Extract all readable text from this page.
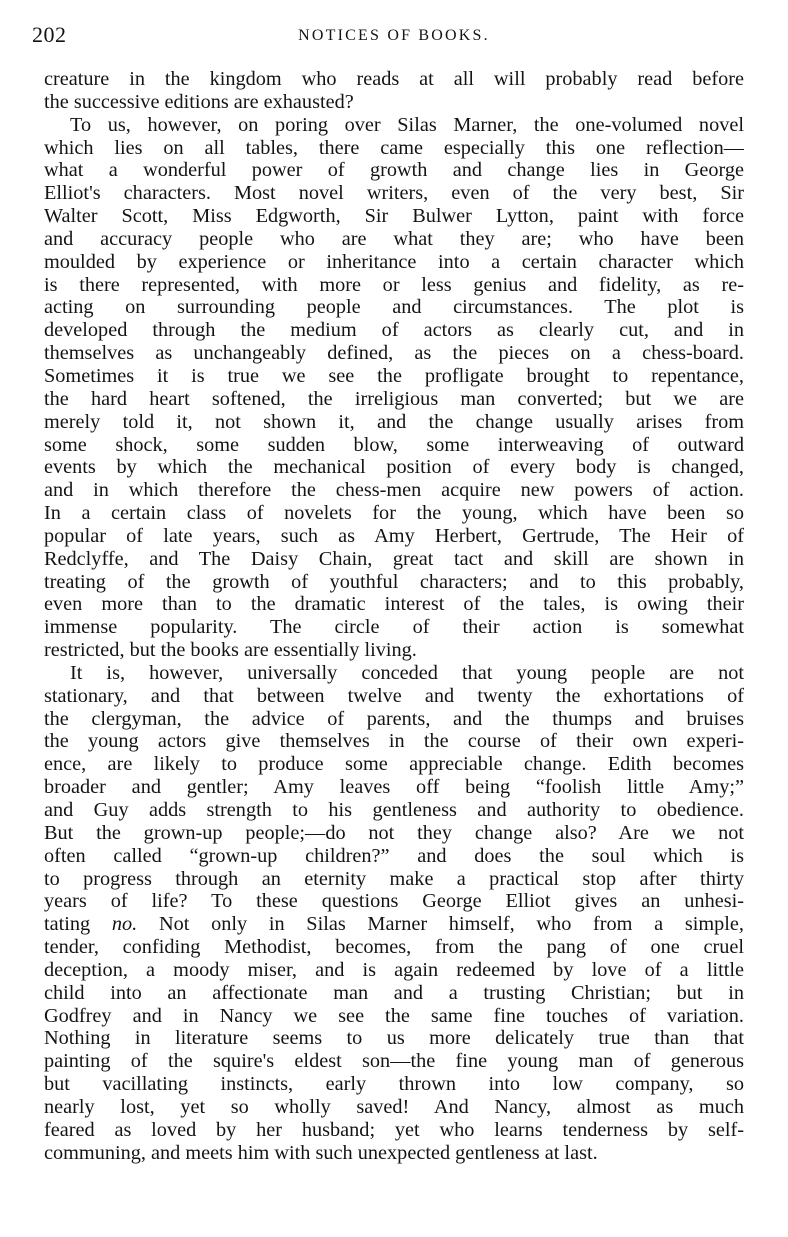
202	NOTICES OF BOOKS.
creature in the kingdom who reads at all will probably read before
the successive editions are exhausted?
To us, however, on poring over Silas Marner, the one-volumed novel
which lies on all tables, there came especially this one reflection—
what a wonderful power of growth and change lies in George
Elliot's characters. Most novel writers, even of the very best, Sir
Walter Scott, Miss Edgworth, Sir Bulwer Lytton, paint with force
and accuracy people who are what they are; who have been
moulded by experience or inheritance into a certain character which
is there represented, with more or less genius and fidelity, as re-
acting on surrounding people and circumstances. The plot is
developed through the medium of actors as clearly cut, and in
themselves as unchangeably defined, as the pieces on a chess-board.
Sometimes it is true we see the profligate brought to repentance,
the hard heart softened, the irreligious man converted; but we are
merely told it, not shown it, and the change usually arises from
some shock, some sudden blow, some interweaving of outward
events by which the mechanical position of every body is changed,
and in which therefore the chess-men acquire new powers of action.
In a certain class of novelets for the young, which have been so
popular of late years, such as Amy Herbert, Gertrude, The Heir of
Redclyffe, and The Daisy Chain, great tact and skill are shown in
treating of the growth of youthful characters; and to this probably,
even more than to the dramatic interest of the tales, is owing their
immense popularity. The circle of their action is somewhat
restricted, but the books are essentially living.
It is, however, universally conceded that young people are not
stationary, and that between twelve and twenty the exhortations of
the clergyman, the advice of parents, and the thumps and bruises
the young actors give themselves in the course of their own experi-
ence, are likely to produce some appreciable change. Edith becomes
broader and gentler; Amy leaves off being “foolish little Amy;”
and Guy adds strength to his gentleness and authority to obedience.
But the grown-up people;—do not they change also? Are we not
often called “grown-up children?” and does the soul which is
to progress through an eternity make a practical stop after thirty
years of life? To these questions George Elliot gives an unhesi-
tating no. Not only in Silas Marner himself, who from a simple,
tender, confiding Methodist, becomes, from the pang of one cruel
deception, a moody miser, and is again redeemed by love of a little
child into an affectionate man and a trusting Christian; but in
Godfrey and in Nancy we see the same fine touches of variation.
Nothing in literature seems to us more delicately true than that
painting of the squire's eldest son—the fine young man of generous
but vacillating instincts, early thrown into low company, so
nearly lost, yet so wholly saved! And Nancy, almost as much
feared as loved by her husband; yet who learns tenderness by self-
communing, and meets him with such unexpected gentleness at last.
